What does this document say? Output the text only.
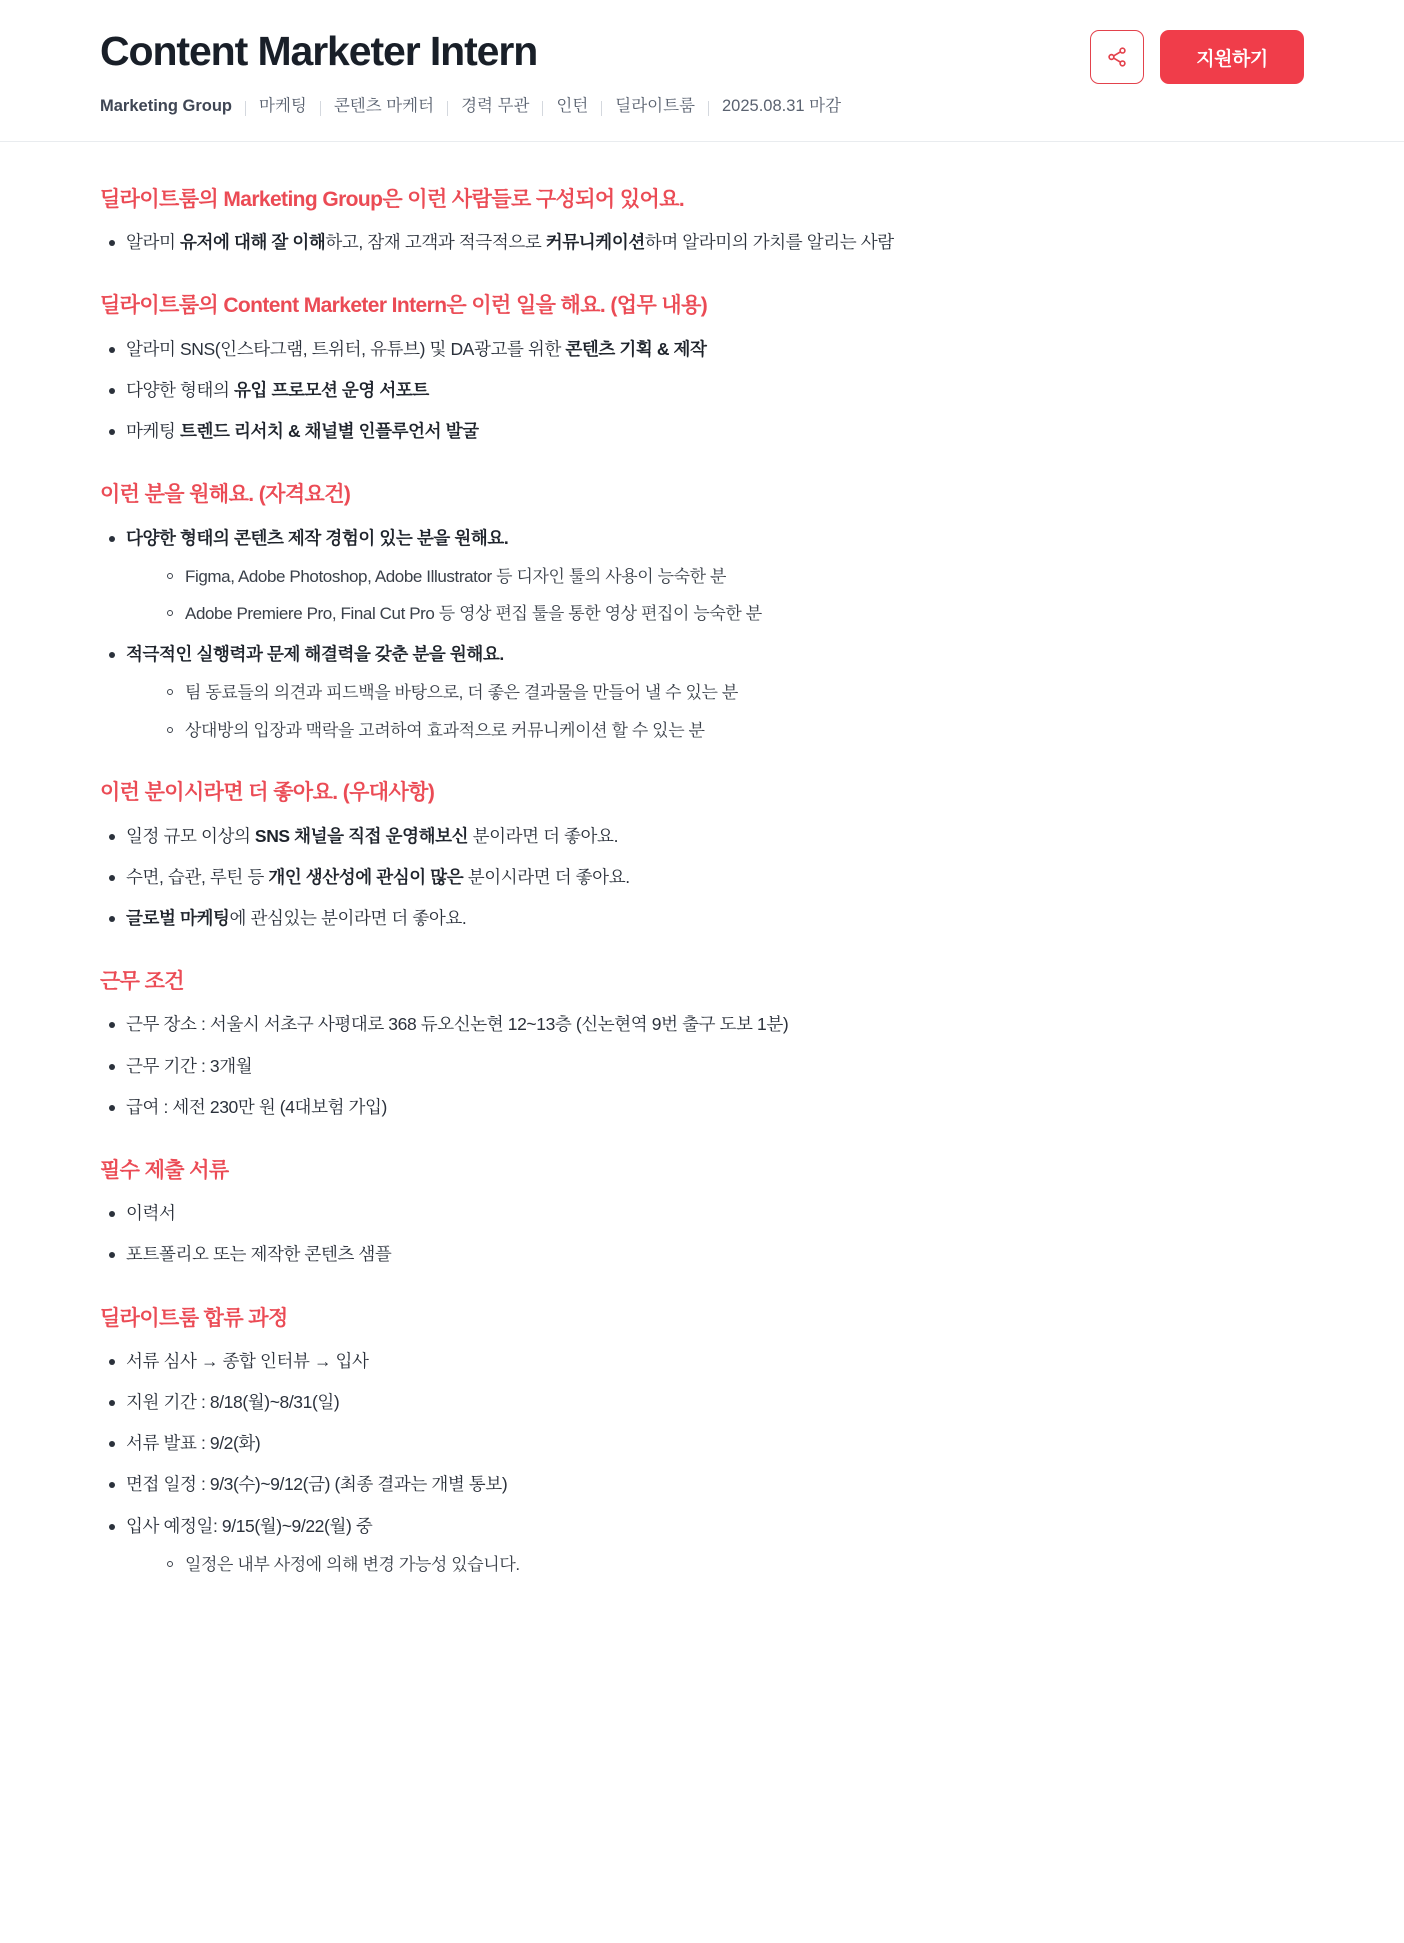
Content Marketer Intern
Marketing Group 마케팅 콘텐츠 마케터 경력 무관 인턴 딜라이트룸 2025.08.31 마감
지원하기
딜라이트룸의 Marketing Group은 이런 사람들로 구성되어 있어요.
알라미 유저에 대해 잘 이해하고, 잠재 고객과 적극적으로 커뮤니케이션하며 알라미의 가치를 알리는 사람
딜라이트룸의 Content Marketer Intern은 이런 일을 해요. (업무 내용)
알라미 SNS(인스타그램, 트위터, 유튜브) 및 DA광고를 위한 콘텐츠 기획 & 제작
다양한 형태의 유입 프로모션 운영 서포트
마케팅 트렌드 리서치 & 채널별 인플루언서 발굴
이런 분을 원해요. (자격요건)
다양한 형태의 콘텐츠 제작 경험이 있는 분을 원해요.
Figma, Adobe Photoshop, Adobe Illustrator 등 디자인 툴의 사용이 능숙한 분
Adobe Premiere Pro, Final Cut Pro 등 영상 편집 툴을 통한 영상 편집이 능숙한 분
적극적인 실행력과 문제 해결력을 갖춘 분을 원해요.
팀 동료들의 의견과 피드백을 바탕으로, 더 좋은 결과물을 만들어 낼 수 있는 분
상대방의 입장과 맥락을 고려하여 효과적으로 커뮤니케이션 할 수 있는 분
이런 분이시라면 더 좋아요. (우대사항)
일정 규모 이상의 SNS 채널을 직접 운영해보신 분이라면 더 좋아요.
수면, 습관, 루틴 등 개인 생산성에 관심이 많은 분이시라면 더 좋아요.
글로벌 마케팅에 관심있는 분이라면 더 좋아요.
근무 조건
근무 장소 : 서울시 서초구 사평대로 368 듀오신논현 12~13층 (신논현역 9번 출구 도보 1분)
근무 기간 : 3개월
급여 : 세전 230만 원 (4대보험 가입)
필수 제출 서류
이력서
포트폴리오 또는 제작한 콘텐츠 샘플
딜라이트룸 합류 과정
서류 심사 → 종합 인터뷰 → 입사
지원 기간 : 8/18(월)~8/31(일)
서류 발표 : 9/2(화)
면접 일정 : 9/3(수)~9/12(금) (최종 결과는 개별 통보)
입사 예정일: 9/15(월)~9/22(월) 중
일정은 내부 사정에 의해 변경 가능성 있습니다.
